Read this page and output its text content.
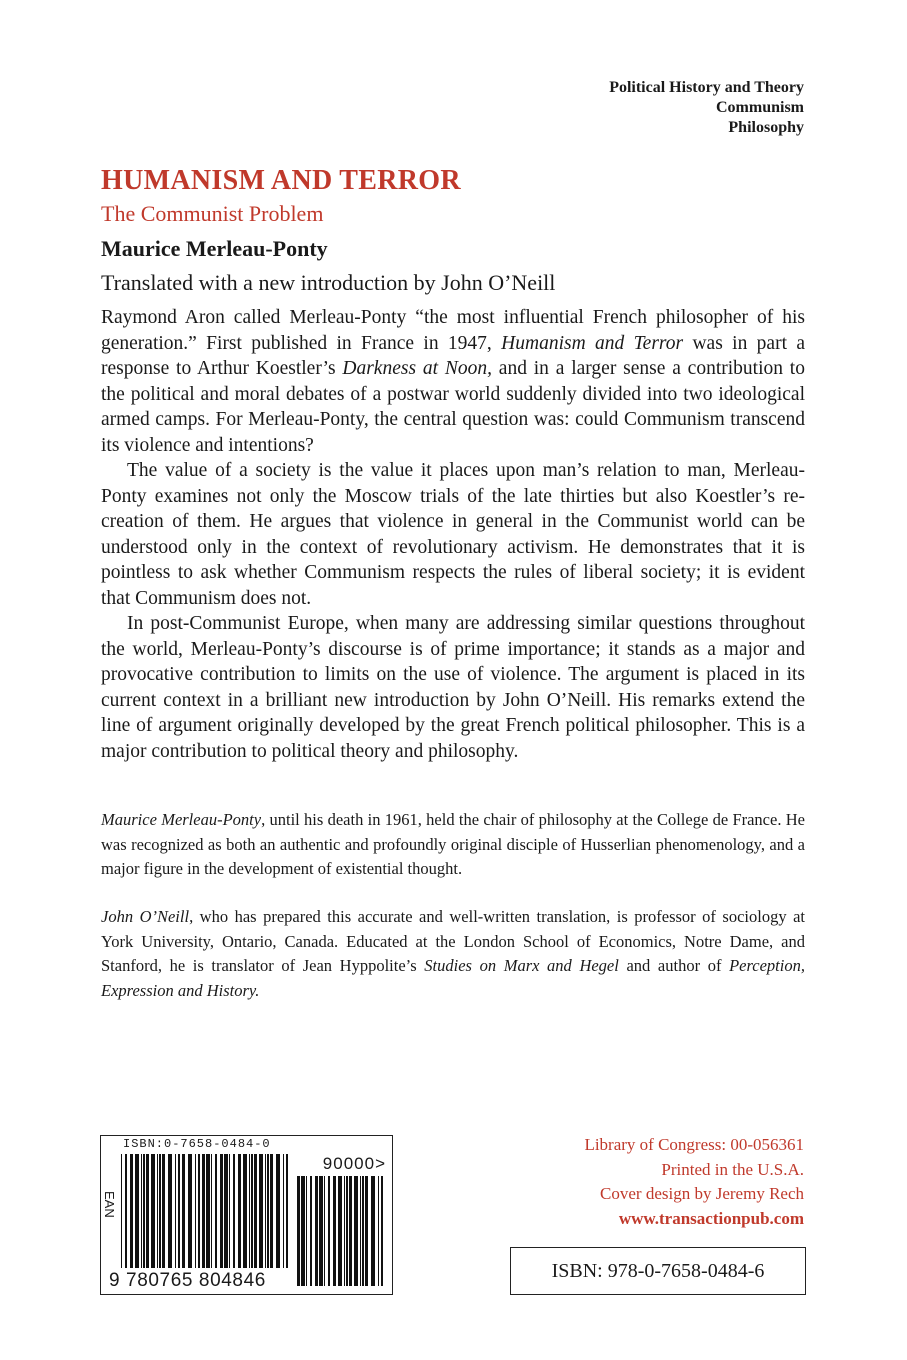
Political History and Theory
Communism
Philosophy
HUMANISM AND TERROR
The Communist Problem
Maurice Merleau-Ponty
Translated with a new introduction by John O’Neill

Raymond Aron called Merleau-Ponty “the most influential French philosopher of his generation.” First published in France in 1947, Humanism and Terror was in part a response to Arthur Koestler’s Darkness at Noon, and in a larger sense a contribution to the political and moral debates of a postwar world suddenly divided into two ideological armed camps. For Merleau-Ponty, the central question was: could Communism transcend its violence and intentions?

The value of a society is the value it places upon man’s relation to man, Merleau-Ponty examines not only the Moscow trials of the late thirties but also Koestler’s re-creation of them. He argues that violence in general in the Communist world can be understood only in the context of revolutionary activism. He demonstrates that it is pointless to ask whether Communism respects the rules of liberal society; it is evident that Communism does not.

In post-Communist Europe, when many are addressing similar questions throughout the world, Merleau-Ponty’s discourse is of prime importance; it stands as a major and provocative contribution to limits on the use of violence. The argument is placed in its current context in a brilliant new introduction by John O’Neill. His remarks extend the line of argument originally developed by the great French political philosopher. This is a major contribution to political theory and philosophy.

Maurice Merleau-Ponty, until his death in 1961, held the chair of philosophy at the College de France. He was recognized as both an authentic and profoundly original disciple of Husserlian phenomenology, and a major figure in the development of existential thought.

John O’Neill, who has prepared this accurate and well-written translation, is professor of sociology at York University, Ontario, Canada. Educated at the London School of Economics, Notre Dame, and Stanford, he is translator of Jean Hyppolite’s Studies on Marx and Hegel and author of Perception, Expression and History.

ISBN:0-7658-0484-0
EAN
90000>
9 780765 804846
Library of Congress: 00-056361
Printed in the U.S.A.
Cover design by Jeremy Rech
www.transactionpub.com
ISBN: 978-0-7658-0484-6
